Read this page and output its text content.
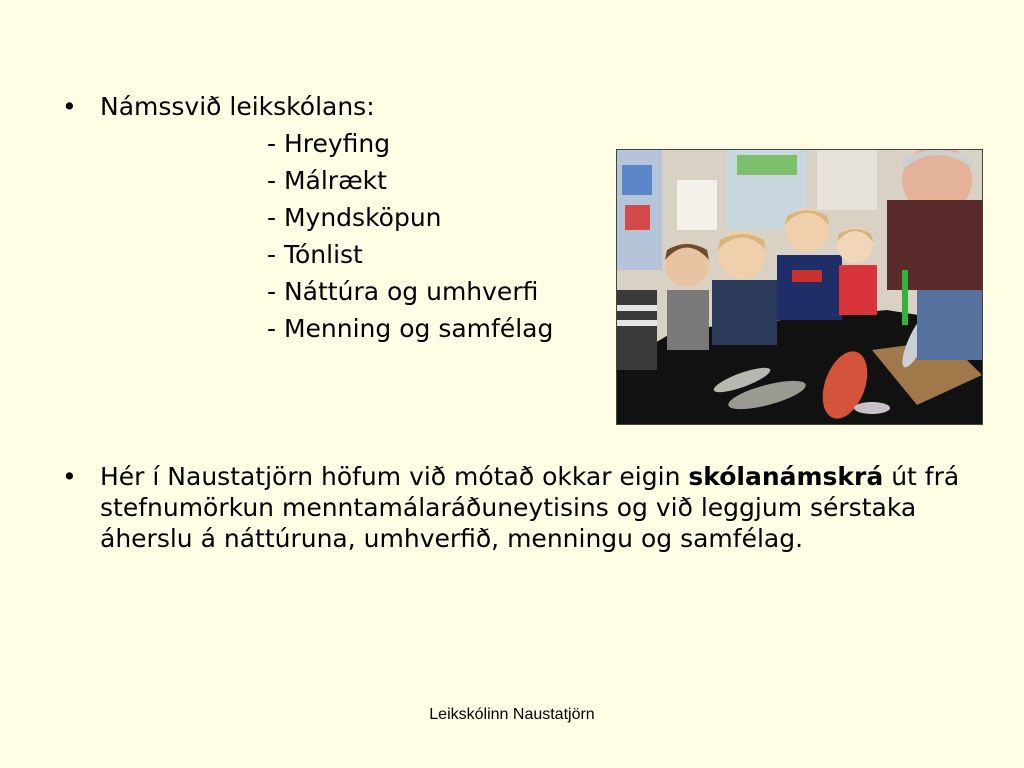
• Námssvið leikskólans:
- Hreyfing
- Málrækt
- Myndsköpun
- Tónlist
- Náttúra og umhverfi
- Menning og samfélag
• Hér í Naustatjörn höfum við mótað okkar eigin skólanámskrá út frá stefnumörkun menntamálaráðuneytisins og við leggjum sérstaka áherslu á náttúruna, umhverfið, menningu og samfélag.
Leikskólinn Naustatjörn
